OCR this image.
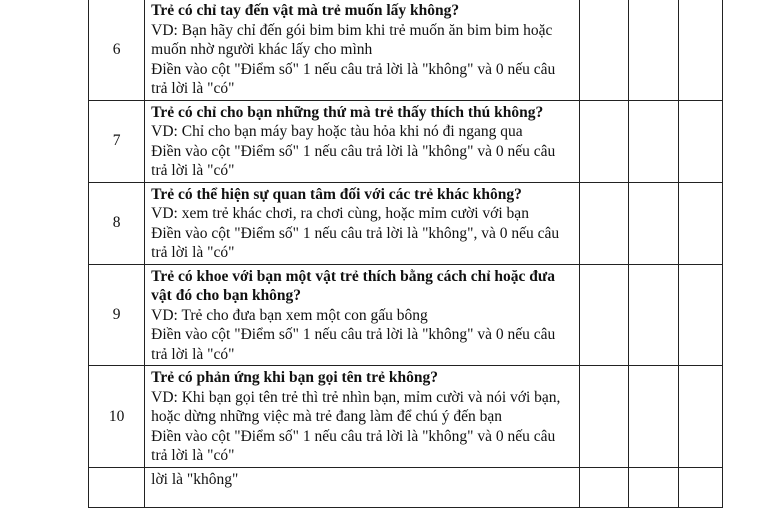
6	Trẻ có chỉ tay đến vật mà trẻ muốn lấy không?
VD: Bạn hãy chỉ đến gói bim bim khi trẻ muốn ăn bim bim hoặc muốn nhờ người khác lấy cho mình
Điền vào cột "Điểm số" 1 nếu câu trả lời là "không" và 0 nếu câu trả lời là "có"			

7	Trẻ có chỉ cho bạn những thứ mà trẻ thấy thích thú không?
VD: Chỉ cho bạn máy bay hoặc tàu hỏa khi nó đi ngang qua
Điền vào cột "Điểm số" 1 nếu câu trả lời là "không" và 0 nếu câu trả lời là "có"			

8	Trẻ có thể hiện sự quan tâm đối với các trẻ khác không?
VD: xem trẻ khác chơi, ra chơi cùng, hoặc mỉm cười với bạn
Điền vào cột "Điểm số" 1 nếu câu trả lời là "không", và 0 nếu câu trả lời là "có"			

9	Trẻ có khoe với bạn một vật trẻ thích bằng cách chỉ hoặc đưa vật đó cho bạn không?
VD: Trẻ cho đưa bạn xem một con gấu bông
Điền vào cột "Điểm số" 1 nếu câu trả lời là "không" và 0 nếu câu trả lời là "có"			

10	Trẻ có phản ứng khi bạn gọi tên trẻ không?
VD: Khi bạn gọi tên trẻ thì trẻ nhìn bạn, mỉm cười và nói với bạn, hoặc dừng những việc mà trẻ đang làm để chú ý đến bạn
Điền vào cột "Điểm số" 1 nếu câu trả lời là "không" và 0 nếu câu trả lời là "có"			

	lời là "không"			
